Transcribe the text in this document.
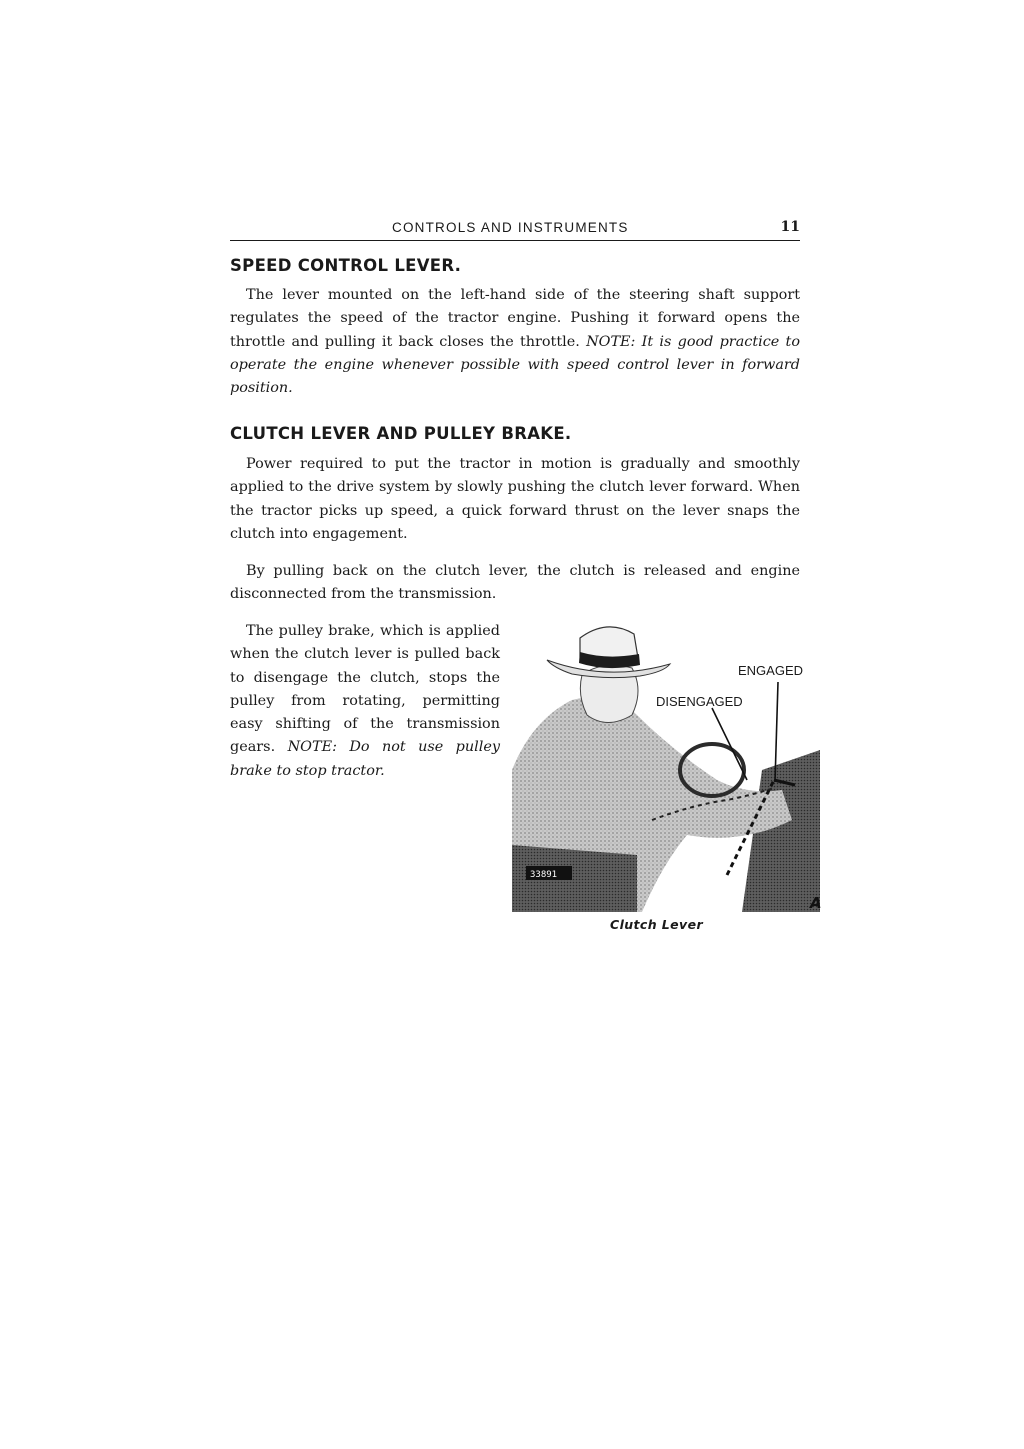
CONTROLS AND INSTRUMENTS	11
SPEED CONTROL LEVER.

The lever mounted on the left-hand side of the steering shaft support regulates the speed of the tractor engine. Pushing it forward opens the throttle and pulling it back closes the throttle. NOTE: It is good practice to operate the engine whenever possible with speed control lever in forward position.

CLUTCH LEVER AND PULLEY BRAKE.

Power required to put the tractor in motion is gradually and smoothly applied to the drive system by slowly pushing the clutch lever forward. When the tractor picks up speed, a quick forward thrust on the lever snaps the clutch into engagement.

By pulling back on the clutch lever, the clutch is released and engine disconnected from the transmission.

The pulley brake, which is applied when the clutch lever is pulled back to disengage the clutch, stops the pulley from rotating, permitting easy shifting of the transmission gears. NOTE: Do not use pulley brake to stop tractor.

ENGAGED
DISENGAGED
33891
A
Clutch Lever
